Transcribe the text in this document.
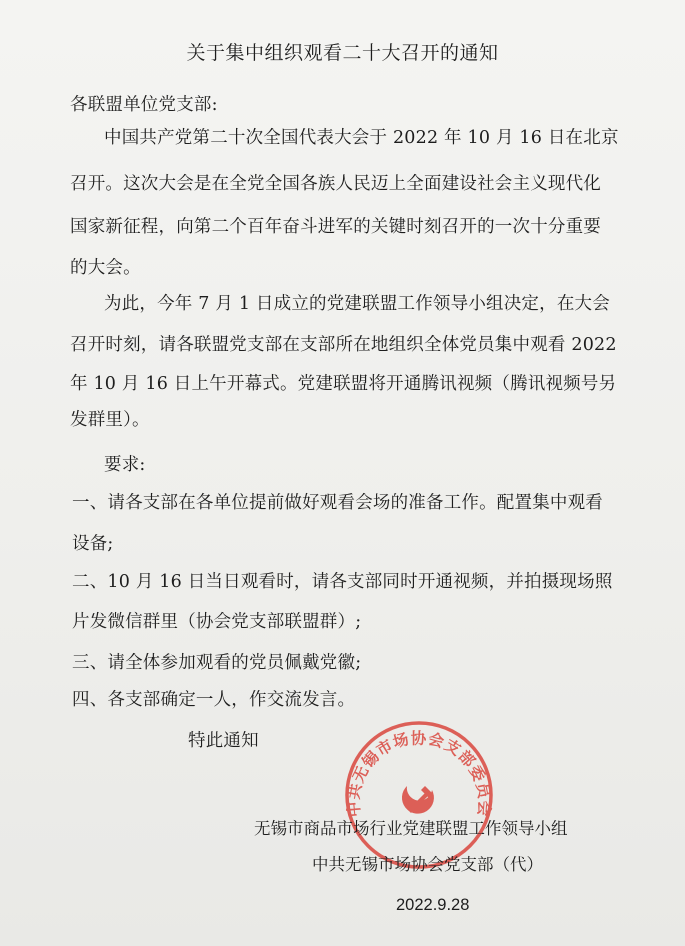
关于集中组织观看二十大召开的通知
各联盟单位党支部:
中国共产党第二十次全国代表大会于 2022 年 10 月 16 日在北京
召开。这次大会是在全党全国各族人民迈上全面建设社会主义现代化
国家新征程，向第二个百年奋斗进军的关键时刻召开的一次十分重要
的大会。
为此，今年 7 月 1 日成立的党建联盟工作领导小组决定，在大会
召开时刻，请各联盟党支部在支部所在地组织全体党员集中观看 2022
年 10 月 16 日上午开幕式。党建联盟将开通腾讯视频（腾讯视频号另
发群里）。
要求:
一、请各支部在各单位提前做好观看会场的准备工作。配置集中观看
设备;
二、10 月 16 日当日观看时，请各支部同时开通视频，并拍摄现场照
片发微信群里（协会党支部联盟群）;
三、请全体参加观看的党员佩戴党徽;
四、各支部确定一人，作交流发言。
特此通知
中共无锡市场协会支部委员会
无锡市商品市场行业党建联盟工作领导小组
中共无锡市场协会党支部（代）
2022.9.28
